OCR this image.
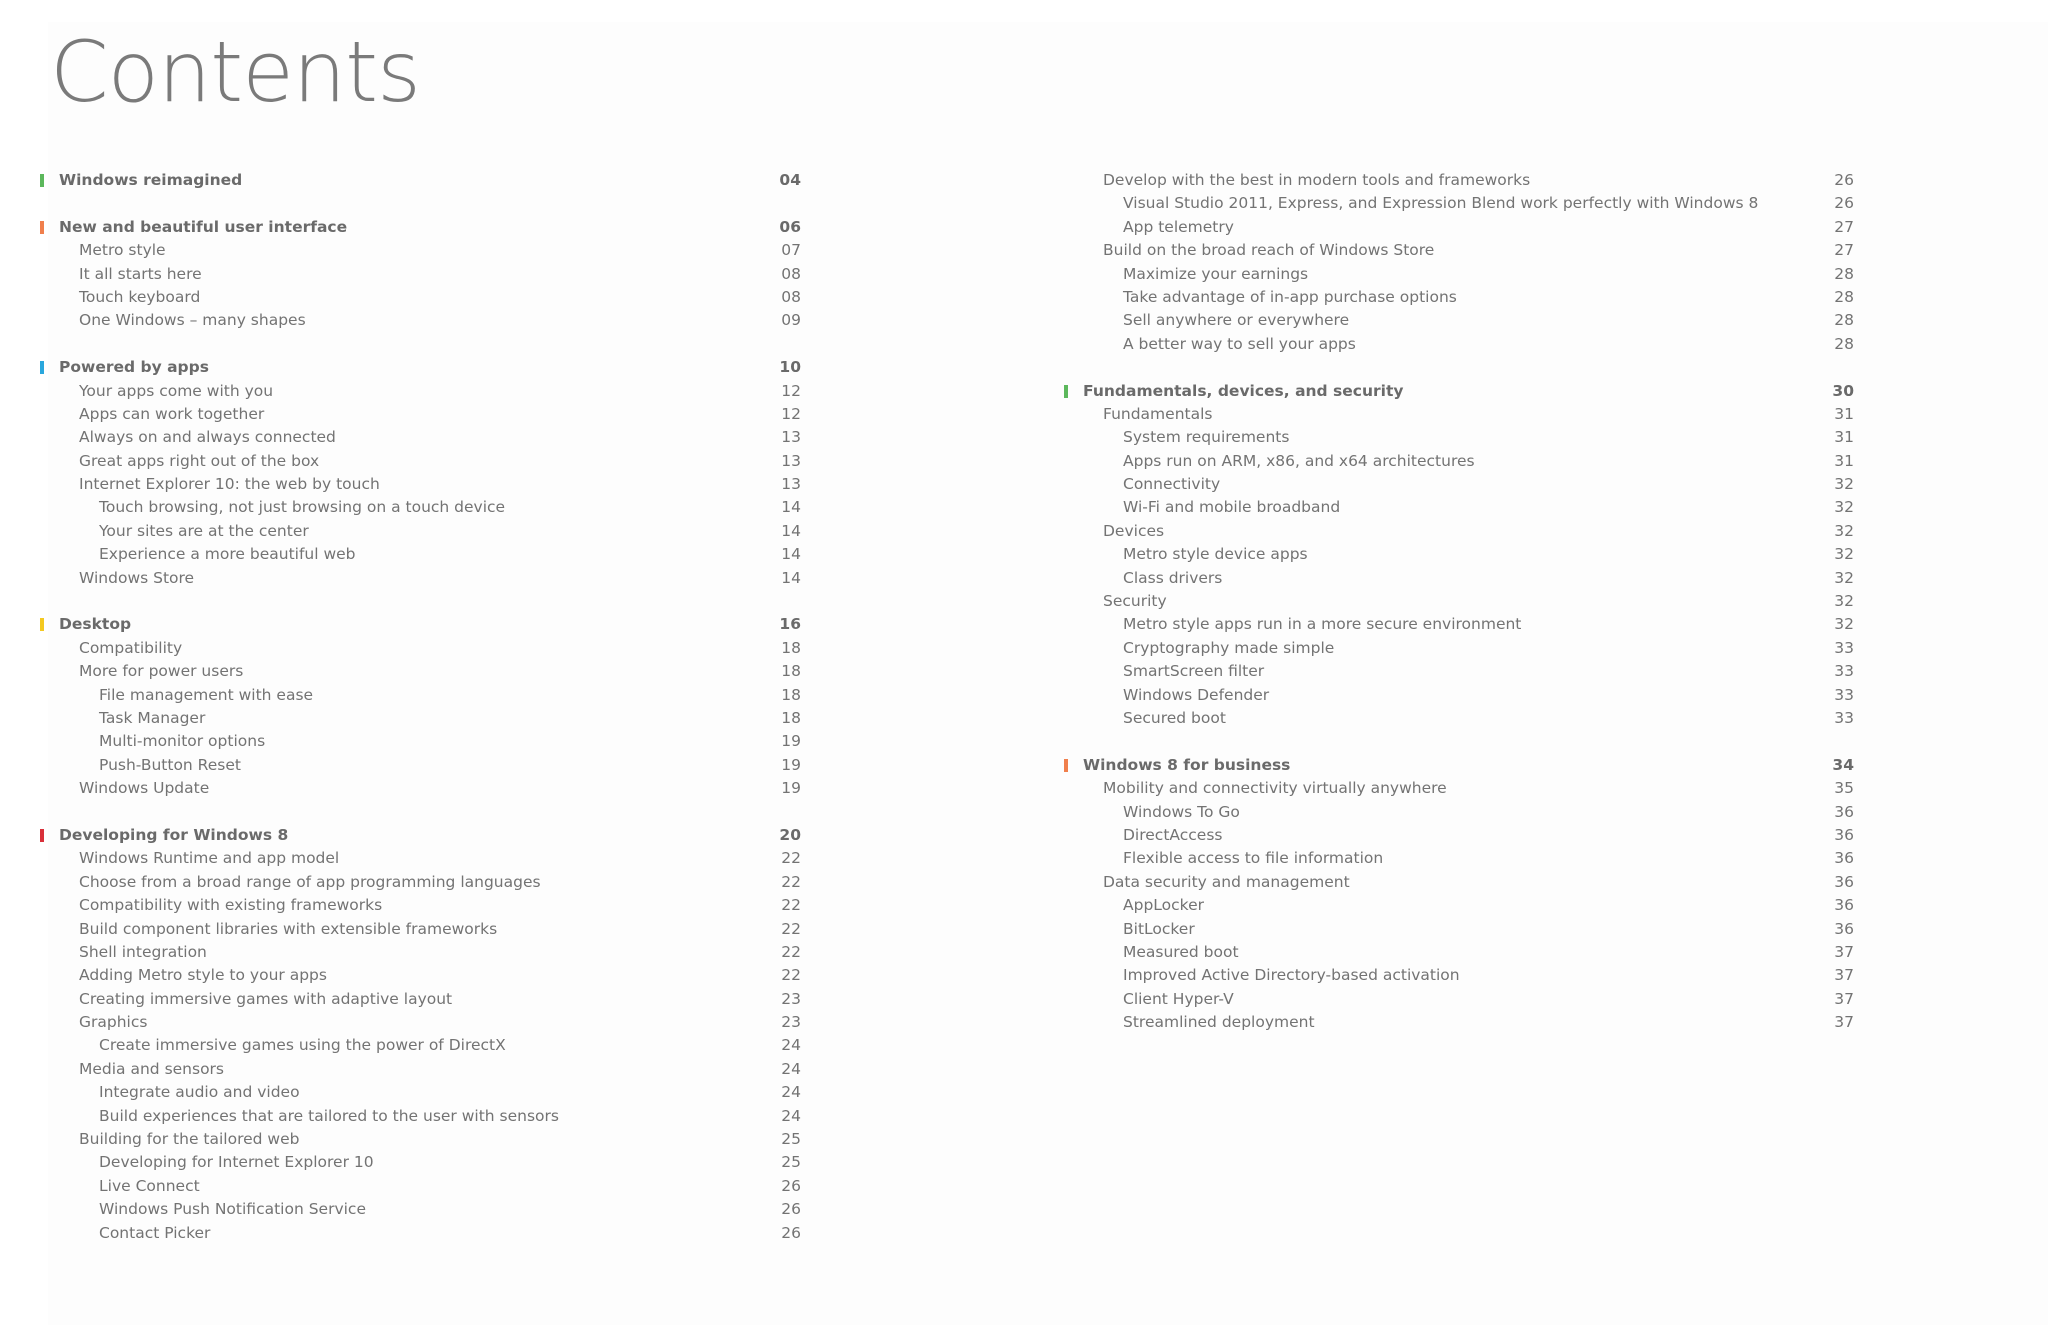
Contents
Windows reimagined	04
New and beautiful user interface	06
Metro style	07
It all starts here	08
Touch keyboard	08
One Windows – many shapes	09
Powered by apps	10
Your apps come with you	12
Apps can work together	12
Always on and always connected	13
Great apps right out of the box	13
Internet Explorer 10: the web by touch	13
Touch browsing, not just browsing on a touch device	14
Your sites are at the center	14
Experience a more beautiful web	14
Windows Store	14
Desktop	16
Compatibility	18
More for power users	18
File management with ease	18
Task Manager	18
Multi-monitor options	19
Push-Button Reset	19
Windows Update	19
Developing for Windows 8	20
Windows Runtime and app model	22
Choose from a broad range of app programming languages	22
Compatibility with existing frameworks	22
Build component libraries with extensible frameworks	22
Shell integration	22
Adding Metro style to your apps	22
Creating immersive games with adaptive layout	23
Graphics	23
Create immersive games using the power of DirectX	24
Media and sensors	24
Integrate audio and video	24
Build experiences that are tailored to the user with sensors	24
Building for the tailored web	25
Developing for Internet Explorer 10	25
Live Connect	26
Windows Push Notification Service	26
Contact Picker	26
Develop with the best in modern tools and frameworks	26
Visual Studio 2011, Express, and Expression Blend work perfectly with Windows 8	26
App telemetry	27
Build on the broad reach of Windows Store	27
Maximize your earnings	28
Take advantage of in-app purchase options	28
Sell anywhere or everywhere	28
A better way to sell your apps	28
Fundamentals, devices, and security	30
Fundamentals	31
System requirements	31
Apps run on ARM, x86, and x64 architectures	31
Connectivity	32
Wi-Fi and mobile broadband	32
Devices	32
Metro style device apps	32
Class drivers	32
Security	32
Metro style apps run in a more secure environment	32
Cryptography made simple	33
SmartScreen filter	33
Windows Defender	33
Secured boot	33
Windows 8 for business	34
Mobility and connectivity virtually anywhere	35
Windows To Go	36
DirectAccess	36
Flexible access to file information	36
Data security and management	36
AppLocker	36
BitLocker	36
Measured boot	37
Improved Active Directory-based activation	37
Client Hyper-V	37
Streamlined deployment	37
